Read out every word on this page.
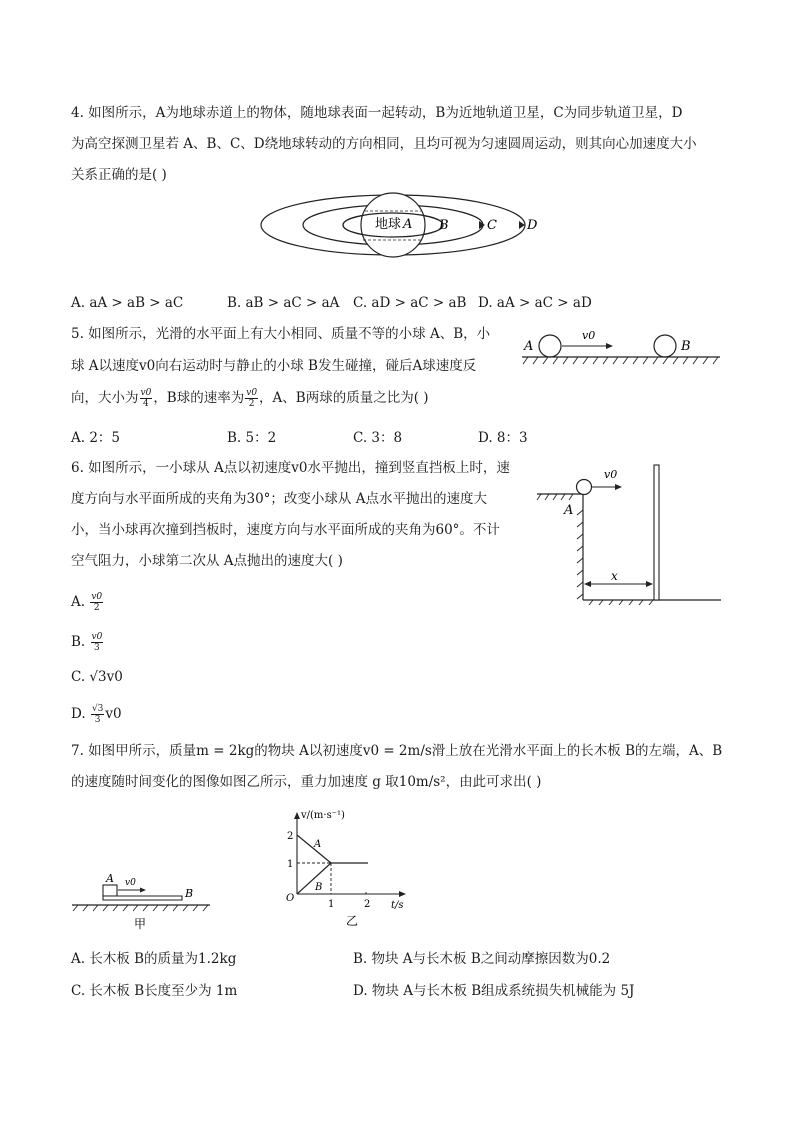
4. 如图所示，A为地球赤道上的物体，随地球表面一起转动，B为近地轨道卫星，C为同步轨道卫星，D
为高空探测卫星若 A、B、C、D绕地球转动的方向相同，且均可视为匀速圆周运动，则其向心加速度大小
关系正确的是( )
地球 A B	C D
A. aA > aB > aC	B. aB > aC > aA C. aD > aC > aB D. aA > aC > aD
5. 如图所示，光滑的水平面上有大小相同、质量不等的小球 A、B，小
球 A以速度v0向右运动时与静止的小球 B发生碰撞，碰后A球速度反
向，大小为 $\frac{v0}{4}$ ，B球的速率为 $\frac{v0}{2}$ ，A、B两球的质量之比为( )
A
v0
B
A. 2：5	B. 5：2	C. 3：8	D. 8：3
6. 如图所示，一小球从 A点以初速度v0水平抛出，撞到竖直挡板上时，速
度方向与水平面所成的夹角为30°；改变小球从 A点水平抛出的速度大
小，当小球再次撞到挡板时，速度方向与水平面所成的夹角为60°。不计
空气阻力，小球第二次从 A点抛出的速度大( )
A
v0
x
A. $\frac{v0}{2}$
B. $\frac{v0}{3}$
C. √3v0
D. $\frac{√3}{3} v0$
7. 如图甲所示，质量m = 2kg的物块 A以初速度v0 = 2m/s滑上放在光滑水平面上的长木板 B的左端，A、B
的速度随时间变化的图像如图乙所示，重力加速度 g 取10m/s²，由此可求出( )
A v0
B
甲
v/(m·s⁻¹)
t/s
O
2
1
1	2
A
B
乙
A. 长木板 B的质量为1.2kg	B. 物块 A与长木板 B之间动摩擦因数为0.2
C. 长木板 B长度至少为 1m	D. 物块 A与长木板 B组成系统损失机械能为 5J
